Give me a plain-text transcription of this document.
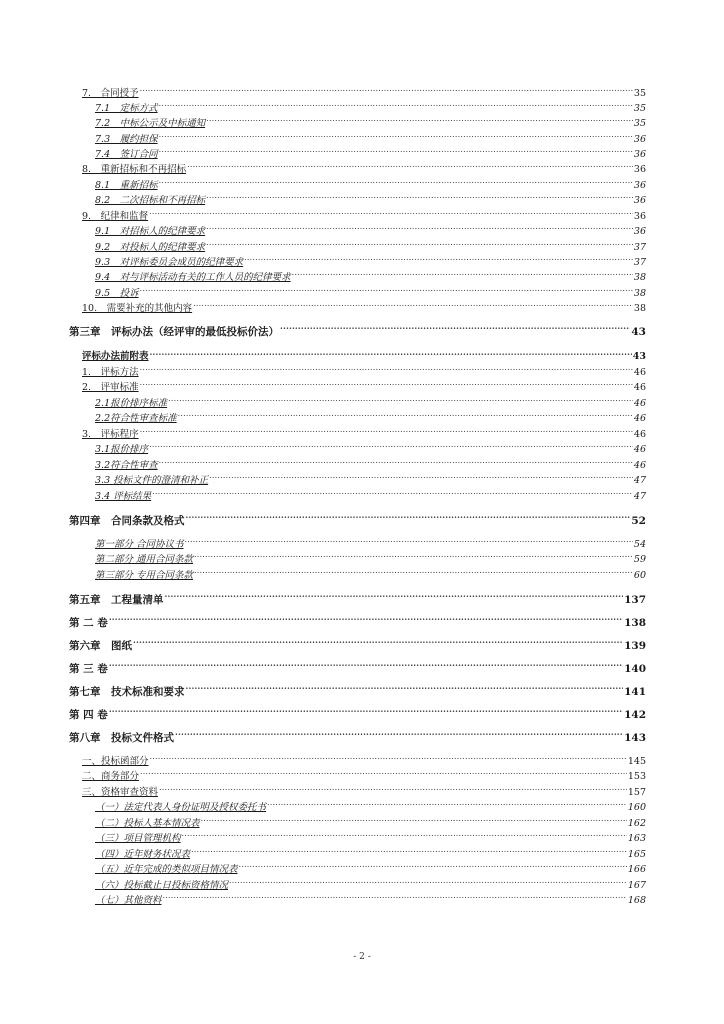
7.　合同授予 .....	35
7.1　定标方式 .....	35
7.2　中标公示及中标通知 .....	35
7.3　履约担保 .....	36
7.4　签订合同 .....	36
8.　重新招标和不再招标 .....	36
8.1　重新招标 .....	36
8.2　二次招标和不再招标 .....	36
9.　纪律和监督 .....	36
9.1　对招标人的纪律要求 .....	36
9.2　对投标人的纪律要求 .....	37
9.3　对评标委员会成员的纪律要求 .....	37
9.4　对与评标活动有关的工作人员的纪律要求 .....	38
9.5　投诉 .....	38
10.　需要补充的其他内容 .....	38
第三章　评标办法（经评审的最低投标价法） .....	43
评标办法前附表 .....	43
1.　评标方法 .....	46
2.　评审标准 .....	46
2.1报价排序标准 .....	46
2.2符合性审查标准 .....	46
3.　评标程序 .....	46
3.1报价排序 .....	46
3.2符合性审查 .....	46
3.3 投标文件的澄清和补正 .....	47
3.4 评标结果 .....	47
第四章　合同条款及格式 .....	52
第一部分 合同协议书 .....	54
第二部分 通用合同条款 .....	59
第三部分 专用合同条款 .....	60
第五章　工程量清单 .....	137
第 二 卷 .....	138
第六章　图纸 .....	139
第 三 卷 .....	140
第七章　技术标准和要求 .....	141
第 四 卷 .....	142
第八章　投标文件格式 .....	143
一、投标函部分 .....	145
二、商务部分 .....	153
三、资格审查资料 .....	157
（一）法定代表人身份证明及授权委托书 .....	160
（二）投标人基本情况表 .....	162
（三）项目管理机构 .....	163
（四）近年财务状况表 .....	165
（五）近年完成的类似项目情况表 .....	166
（六）投标截止日投标资格情况 .....	167
（七）其他资料 .....	168
- 2 -
